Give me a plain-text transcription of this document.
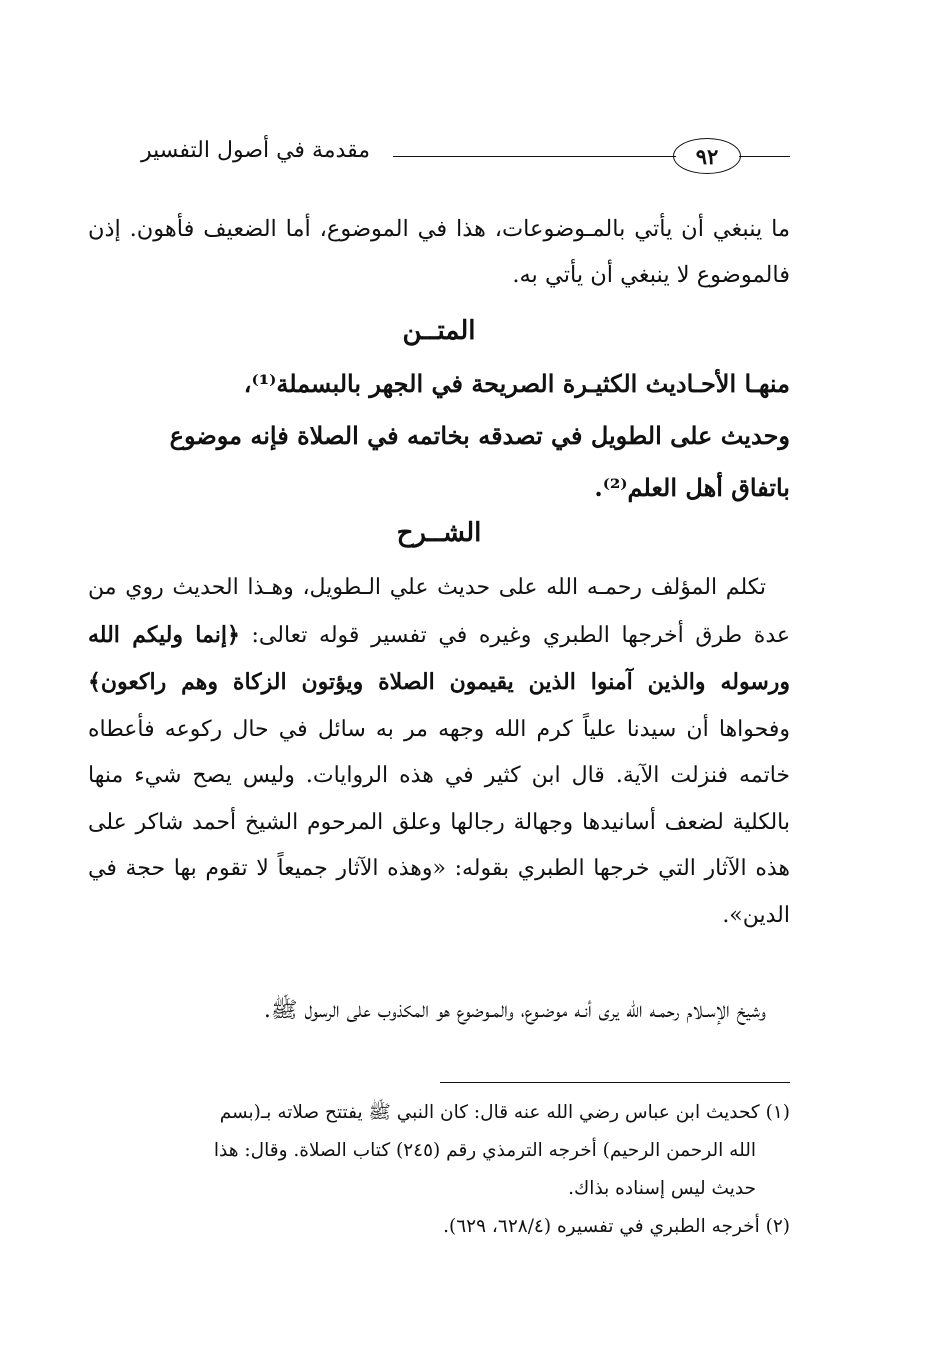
مقدمة في أصول التفسير	٩٢
ما ينبغي أن يأتي بالمـوضوعات، هذا في الموضوع، أما الضعيف فأهون. إذن فالموضوع لا ينبغي أن يأتي به.
المتــن
منهـا الأحـاديث الكثيـرة الصريحة في الجهر بالبسملة⁽¹⁾،
وحديث على الطويل في تصدقه بخاتمه في الصلاة فإنه موضوع
باتفاق أهل العلم⁽²⁾.
الشــرح
تكلم المؤلف رحمـه الله على حديث علي الـطويل، وهـذا الحديث روي من عدة طرق أخرجها الطبري وغيره في تفسير قوله تعالى: ﴿إنما وليكم الله ورسوله والذين آمنوا الذين يقيمون الصلاة ويؤتون الزكاة وهم راكعون﴾ وفحواها أن سيدنا علياً كرم الله وجهه مر به سائل في حال ركوعه فأعطاه خاتمه فنزلت الآية. قال ابن كثير في هذه الروايات. وليس يصح شيء منها بالكلية لضعف أسانيدها وجهالة رجالها وعلق المرحوم الشيخ أحمد شاكر على هذه الآثار التي خرجها الطبري بقوله: «وهذه الآثار جميعاً لا تقوم بها حجة في الدين».
وشيخ الإسـلام رحمـه الله يرى أنـه موضـوع، والمـوضوع هو المكذوب على الرسول ﷺ.
(١) كحديث ابن عباس رضي الله عنه قال: كان النبي ﷺ يفتتح صلاته بـ(بسم
الله الرحمن الرحيم) أخرجه الترمذي رقم (٢٤٥) كتاب الصلاة. وقال: هذا
حديث ليس إسناده بذاك.
(٢) أخرجه الطبري في تفسيره (٦٢٨/٤، ٦٢٩).
